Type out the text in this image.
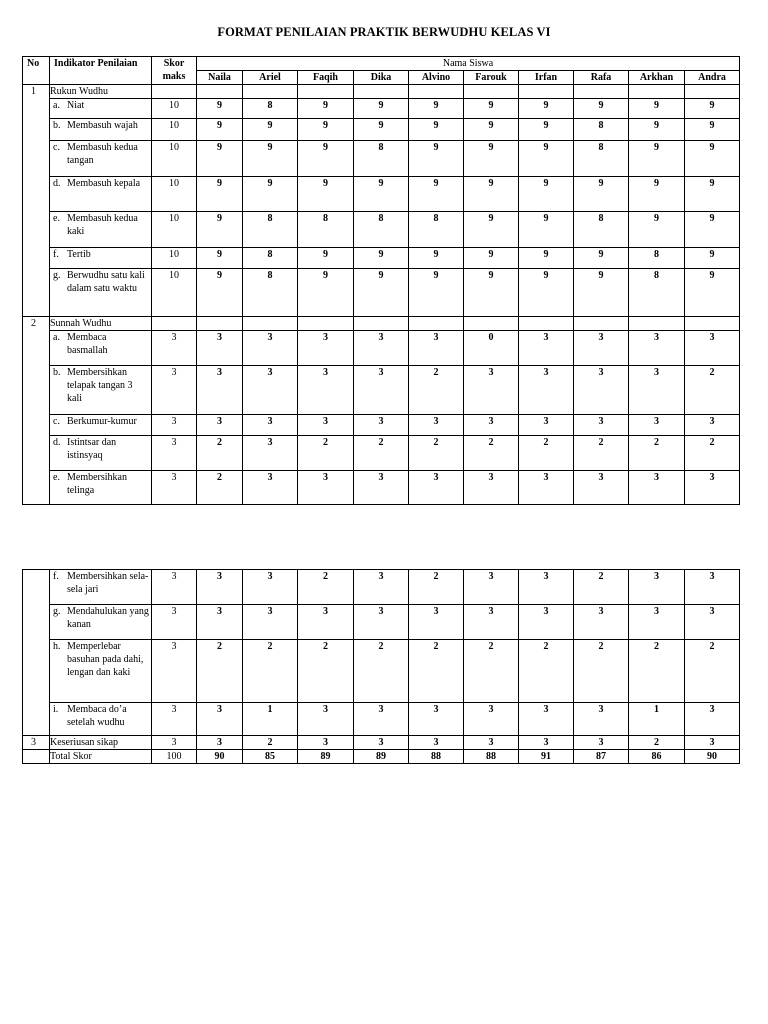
FORMAT PENILAIAN PRAKTIK BERWUDHU KELAS VI
No	Indikator Penilaian	Skor maks	Nama Siswa									
			Naila	Ariel	Faqih	Dika	Alvino	Farouk	Irfan	Rafa	Arkhan	Andra
1	Rukun Wudhu											

	a. Niat	10	9	8	9	9	9	9	9	9	9	9

	b. Membasuh wajah	10	9	9	9	9	9	9	9	8	9	9

	c. Membasuh kedua tangan	10	9	9	9	8	9	9	9	8	9	9

	d. Membasuh kepala	10	9	9	9	9	9	9	9	9	9	9

	e. Membasuh kedua kaki	10	9	8	8	8	8	9	9	8	9	9

	f. Tertib	10	9	8	9	9	9	9	9	9	8	9

	g. Berwudhu satu kali dalam satu waktu	10	9	8	9	9	9	9	9	9	8	9
2	Sunnah Wudhu											

	a. Membaca basmallah	3	3	3	3	3	3	0	3	3	3	3

	b. Membersihkan telapak tangan 3 kali	3	3	3	3	3	2	3	3	3	3	2

	c. Berkumur-kumur	3	3	3	3	3	3	3	3	3	3	3

	d. Istintsar dan istinsyaq	3	2	3	2	2	2	2	2	2	2	2

	e. Membersihkan telinga	3	2	3	3	3	3	3	3	3	3	3

	f. Membersihkan sela-sela jari	3	3	3	2	3	2	3	3	2	3	3

	g. Mendahulukan yang kanan	3	3	3	3	3	3	3	3	3	3	3

	h. Memperlebar basuhan pada dahi, lengan dan kaki	3	2	2	2	2	2	2	2	2	2	2

	i. Membaca do’a setelah wudhu	3	3	1	3	3	3	3	3	3	1	3
3	Keseriusan sikap	3	3	2	3	3	3	3	3	3	2	3
	Total Skor	100	90	85	89	89	88	88	91	87	86	90
